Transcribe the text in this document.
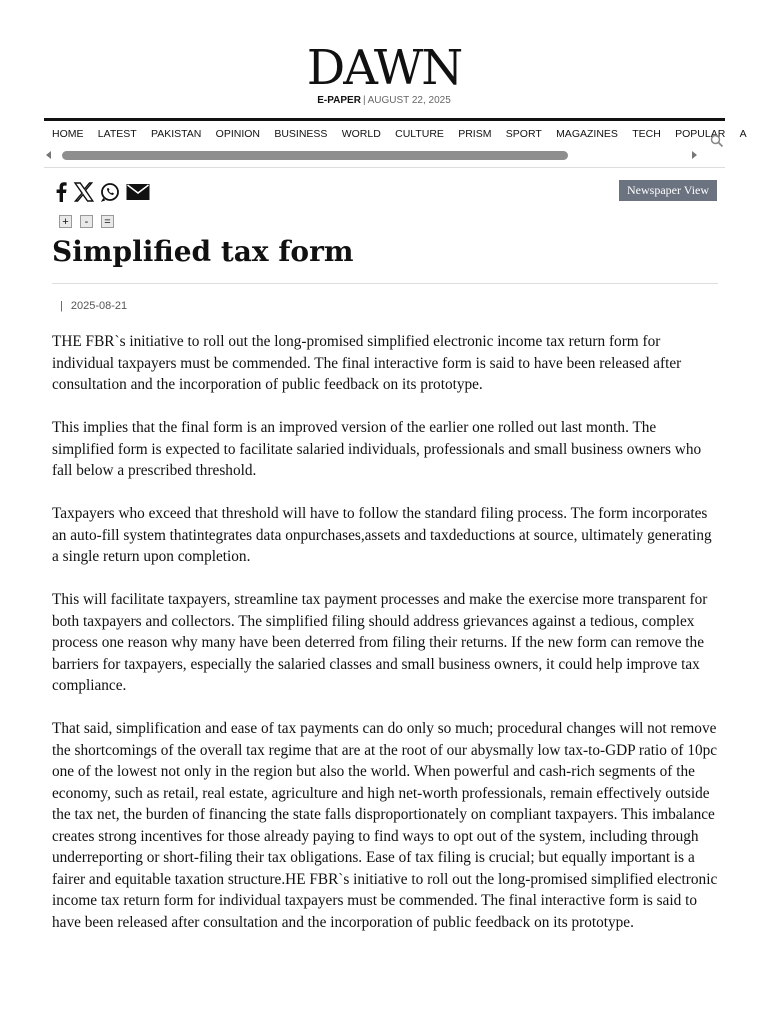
DAWN
E-PAPER | AUGUST 22, 2025
HOME LATEST PAKISTAN OPINION BUSINESS WORLD CULTURE PRISM SPORT MAGAZINES TECH POPULAR A
Newspaper View
+	-	=
Simplified tax form
| 2025-08-21

THE FBR`s initiative to roll out the long-promised simplified electronic income tax return form for individual taxpayers must be commended. The final interactive form is said to have been released after consultation and the incorporation of public feedback on its prototype.

This implies that the final form is an improved version of the earlier one rolled out last month. The simplified form is expected to facilitate salaried individuals, professionals and small business owners who fall below a prescribed threshold.

Taxpayers who exceed that threshold will have to follow the standard filing process. The form incorporates an auto-fill system thatintegrates data onpurchases,assets and taxdeductions at source, ultimately generating a single return upon completion.

This will facilitate taxpayers, streamline tax payment processes and make the exercise more transparent for both taxpayers and collectors. The simplified filing should address grievances against a tedious, complex process one reason why many have been deterred from filing their returns. If the new form can remove the barriers for taxpayers, especially the salaried classes and small business owners, it could help improve tax compliance.

That said, simplification and ease of tax payments can do only so much; procedural changes will not remove the shortcomings of the overall tax regime that are at the root of our abysmally low tax-to-GDP ratio of 10pc one of the lowest not only in the region but also the world. When powerful and cash-rich segments of the economy, such as retail, real estate, agriculture and high net-worth professionals, remain effectively outside the tax net, the burden of financing the state falls disproportionately on compliant taxpayers. This imbalance creates strong incentives for those already paying to find ways to opt out of the system, including through underreporting or short-filing their tax obligations. Ease of tax filing is crucial; but equally important is a fairer and equitable taxation structure.HE FBR`s initiative to roll out the long-promised simplified electronic income tax return form for individual taxpayers must be commended. The final interactive form is said to have been released after consultation and the incorporation of public feedback on its prototype.
